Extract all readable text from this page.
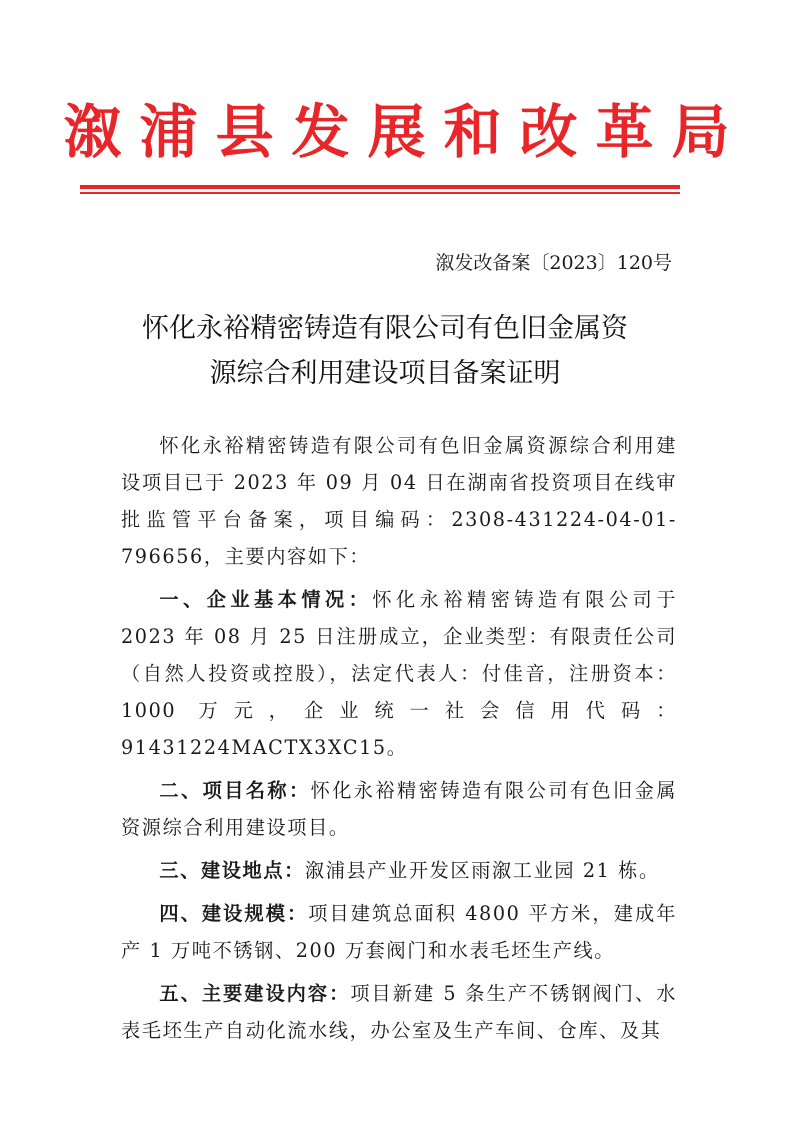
溆浦县发展和改革局
溆发改备案〔2023〕120号
怀化永裕精密铸造有限公司有色旧金属资
源综合利用建设项目备案证明

怀化永裕精密铸造有限公司有色旧金属资源综合利用建设项目已于 2023 年 09 月 04 日在湖南省投资项目在线审批监管平台备案，项目编码：2308-431224-04-01-796656，主要内容如下：

一、企业基本情况：怀化永裕精密铸造有限公司于 2023 年 08 月 25 日注册成立，企业类型：有限责任公司（自然人投资或控股），法定代表人：付佳音，注册资本：1000 万元，企业统一社会信用代码：91431224MACTX3XC15。

二、项目名称：怀化永裕精密铸造有限公司有色旧金属资源综合利用建设项目。

三、建设地点：溆浦县产业开发区雨溆工业园 21 栋。

四、建设规模：项目建筑总面积 4800 平方米，建成年产 1 万吨不锈钢、200 万套阀门和水表毛坯生产线。

五、主要建设内容：项目新建 5 条生产不锈钢阀门、水表毛坯生产自动化流水线，办公室及生产车间、仓库、及其
